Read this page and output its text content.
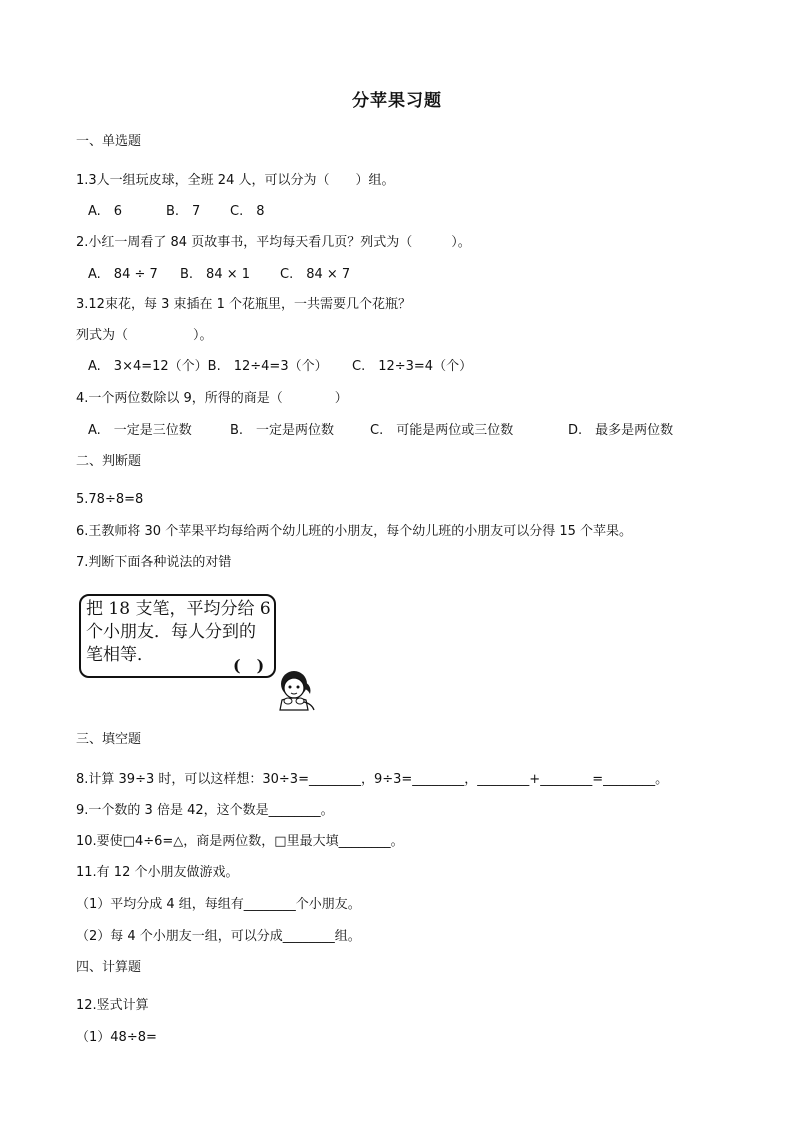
分苹果习题
一、单选题
1.3人一组玩皮球，全班 24 人，可以分为（　　）组。
A.　6	B.　7 C.　8
2.小红一周看了 84 页故事书，平均每天看几页？列式为（　　　）。
A.　84 ÷ 7 B.　84 × 1 C.　84 × 7
3.12束花，每 3 束插在 1 个花瓶里，一共需要几个花瓶？
列式为（　　　　　）。
A.　3×4=12（个）B.　12÷4=3（个） C.　12÷3=4（个）
4.一个两位数除以 9，所得的商是（　　　　）
A.　一定是三位数	B.　一定是两位数	C.　可能是两位或三位数	D.　最多是两位数
二、判断题
5.78÷8=8
6.王教师将 30 个苹果平均每给两个幼儿班的小朋友，每个幼儿班的小朋友可以分得 15 个苹果。
7.判断下面各种说法的对错
把 18 支笔，平均分给 6
个小朋友．每人分到的
笔相等．
(　)
三、填空题
8.计算 39÷3 时，可以这样想：30÷3=________，9÷3=________，________+________=________。
9.一个数的 3 倍是 42，这个数是________。
10.要使□4÷6=△，商是两位数，□里最大填________。
11.有 12 个小朋友做游戏。
（1）平均分成 4 组，每组有________个小朋友。
（2）每 4 个小朋友一组，可以分成________组。
四、计算题
12.竖式计算
（1）48÷8=
